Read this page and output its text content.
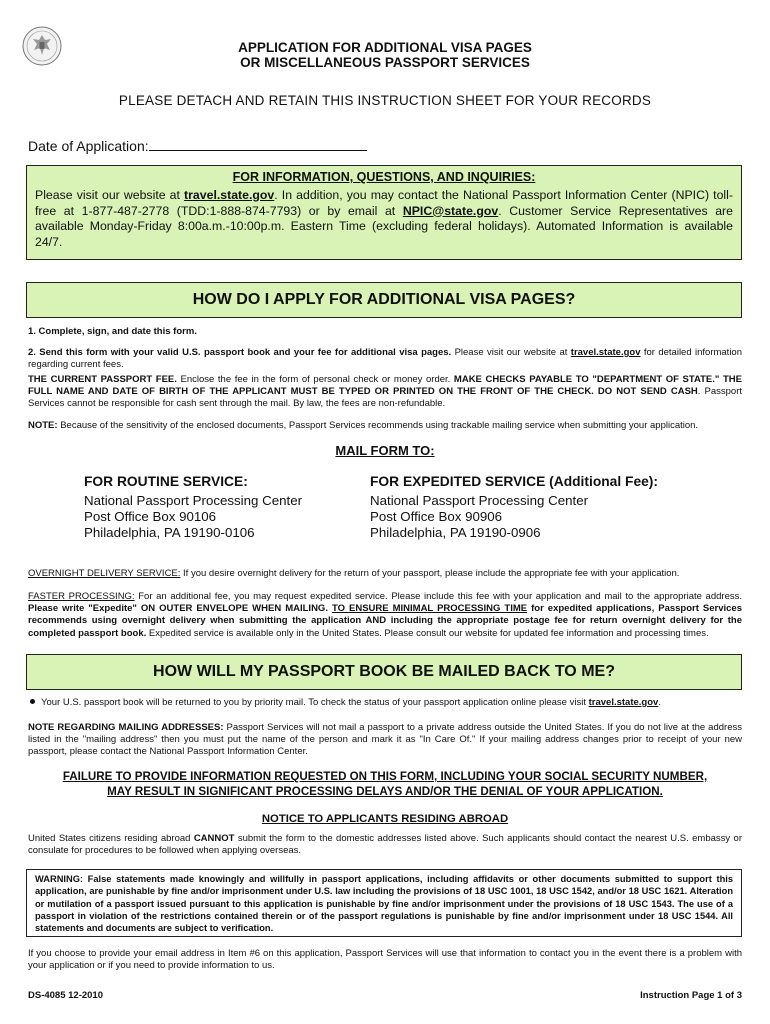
APPLICATION FOR ADDITIONAL VISA PAGES
OR MISCELLANEOUS PASSPORT SERVICES
PLEASE DETACH AND RETAIN THIS INSTRUCTION SHEET FOR YOUR RECORDS
Date of Application:
FOR INFORMATION, QUESTIONS, AND INQUIRIES:
Please visit our website at travel.state.gov. In addition, you may contact the National Passport Information Center (NPIC) toll-free at 1-877-487-2778 (TDD:1-888-874-7793) or by email at NPIC@state.gov. Customer Service Representatives are available Monday-Friday 8:00a.m.-10:00p.m. Eastern Time (excluding federal holidays). Automated Information is available 24/7.
HOW DO I APPLY FOR ADDITIONAL VISA PAGES?
1. Complete, sign, and date this form.
2. Send this form with your valid U.S. passport book and your fee for additional visa pages. Please visit our website at travel.state.gov for detailed information regarding current fees.
THE CURRENT PASSPORT FEE. Enclose the fee in the form of personal check or money order. MAKE CHECKS PAYABLE TO "DEPARTMENT OF STATE." THE FULL NAME AND DATE OF BIRTH OF THE APPLICANT MUST BE TYPED OR PRINTED ON THE FRONT OF THE CHECK. DO NOT SEND CASH. Passport Services cannot be responsible for cash sent through the mail. By law, the fees are non-refundable.
NOTE: Because of the sensitivity of the enclosed documents, Passport Services recommends using trackable mailing service when submitting your application.
MAIL FORM TO:
FOR ROUTINE SERVICE:
National Passport Processing Center
Post Office Box 90106
Philadelphia, PA 19190-0106
FOR EXPEDITED SERVICE (Additional Fee):
National Passport Processing Center
Post Office Box 90906
Philadelphia, PA 19190-0906
OVERNIGHT DELIVERY SERVICE: If you desire overnight delivery for the return of your passport, please include the appropriate fee with your application.
FASTER PROCESSING: For an additional fee, you may request expedited service. Please include this fee with your application and mail to the appropriate address. Please write "Expedite" ON OUTER ENVELOPE WHEN MAILING. TO ENSURE MINIMAL PROCESSING TIME for expedited applications, Passport Services recommends using overnight delivery when submitting the application AND including the appropriate postage fee for return overnight delivery for the completed passport book. Expedited service is available only in the United States. Please consult our website for updated fee information and processing times.
HOW WILL MY PASSPORT BOOK BE MAILED BACK TO ME?
Your U.S. passport book will be returned to you by priority mail. To check the status of your passport application online please visit travel.state.gov.
NOTE REGARDING MAILING ADDRESSES: Passport Services will not mail a passport to a private address outside the United States. If you do not live at the address listed in the "mailing address" then you must put the name of the person and mark it as "In Care Of." If your mailing address changes prior to receipt of your new passport, please contact the National Passport Information Center.
FAILURE TO PROVIDE INFORMATION REQUESTED ON THIS FORM, INCLUDING YOUR SOCIAL SECURITY NUMBER,
MAY RESULT IN SIGNIFICANT PROCESSING DELAYS AND/OR THE DENIAL OF YOUR APPLICATION.
NOTICE TO APPLICANTS RESIDING ABROAD
United States citizens residing abroad CANNOT submit the form to the domestic addresses listed above. Such applicants should contact the nearest U.S. embassy or consulate for procedures to be followed when applying overseas.
WARNING: False statements made knowingly and willfully in passport applications, including affidavits or other documents submitted to support this application, are punishable by fine and/or imprisonment under U.S. law including the provisions of 18 USC 1001, 18 USC 1542, and/or 18 USC 1621. Alteration or mutilation of a passport issued pursuant to this application is punishable by fine and/or imprisonment under the provisions of 18 USC 1543. The use of a passport in violation of the restrictions contained therein or of the passport regulations is punishable by fine and/or imprisonment under 18 USC 1544. All statements and documents are subject to verification.
If you choose to provide your email address in Item #6 on this application, Passport Services will use that information to contact you in the event there is a problem with your application or if you need to provide information to us.
DS-4085 12-2010	Instruction Page 1 of 3
